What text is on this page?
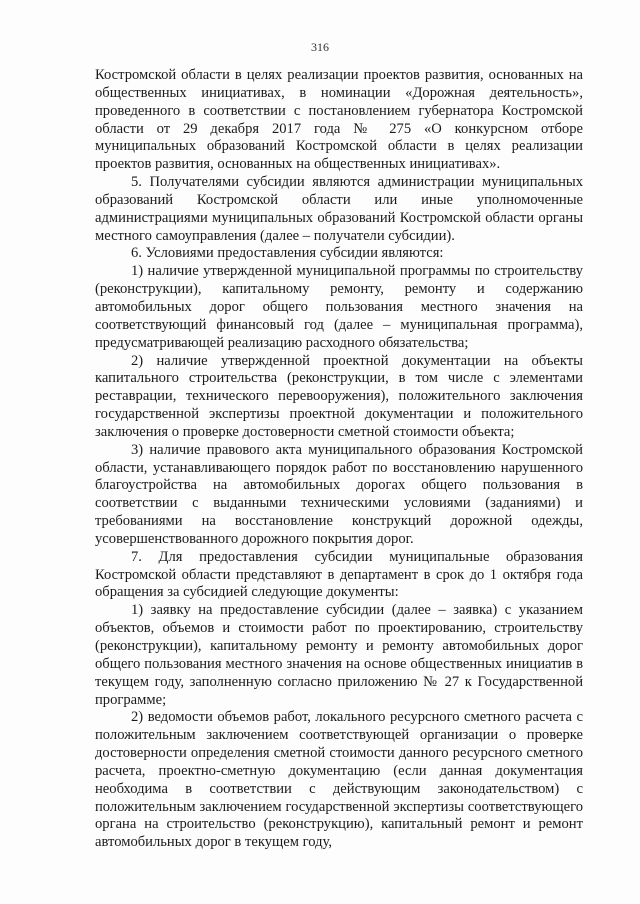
316

Костромской области в целях реализации проектов развития, основанных на общественных инициативах, в номинации «Дорожная деятельность», проведенного в соответствии с постановлением губернатора Костромской области от 29 декабря 2017 года № 275 «О конкурсном отборе муниципальных образований Костромской области в целях реализации проектов развития, основанных на общественных инициативах».

5. Получателями субсидии являются администрации муниципальных образований Костромской области или иные уполномоченные администрациями муниципальных образований Костромской области органы местного самоуправления (далее – получатели субсидии).

6. Условиями предоставления субсидии являются:

1) наличие утвержденной муниципальной программы по строительству (реконструкции), капитальному ремонту, ремонту и содержанию автомобильных дорог общего пользования местного значения на соответствующий финансовый год (далее – муниципальная программа), предусматривающей реализацию расходного обязательства;

2) наличие утвержденной проектной документации на объекты капитального строительства (реконструкции, в том числе с элементами реставрации, технического перевооружения), положительного заключения государственной экспертизы проектной документации и положительного заключения о проверке достоверности сметной стоимости объекта;

3) наличие правового акта муниципального образования Костромской области, устанавливающего порядок работ по восстановлению нарушенного благоустройства на автомобильных дорогах общего пользования в соответствии с выданными техническими условиями (заданиями) и требованиями на восстановление конструкций дорожной одежды, усовершенствованного дорожного покрытия дорог.

7. Для предоставления субсидии муниципальные образования Костромской области представляют в департамент в срок до 1 октября года обращения за субсидией следующие документы:

1) заявку на предоставление субсидии (далее – заявка) с указанием объектов, объемов и стоимости работ по проектированию, строительству (реконструкции), капитальному ремонту и ремонту автомобильных дорог общего пользования местного значения на основе общественных инициатив в текущем году, заполненную согласно приложению № 27 к Государственной программе;

2) ведомости объемов работ, локального ресурсного сметного расчета с положительным заключением соответствующей организации о проверке достоверности определения сметной стоимости данного ресурсного сметного расчета, проектно-сметную документацию (если данная документация необходима в соответствии с действующим законодательством) с положительным заключением государственной экспертизы соответствующего органа на строительство (реконструкцию), капитальный ремонт и ремонт автомобильных дорог в текущем году,
